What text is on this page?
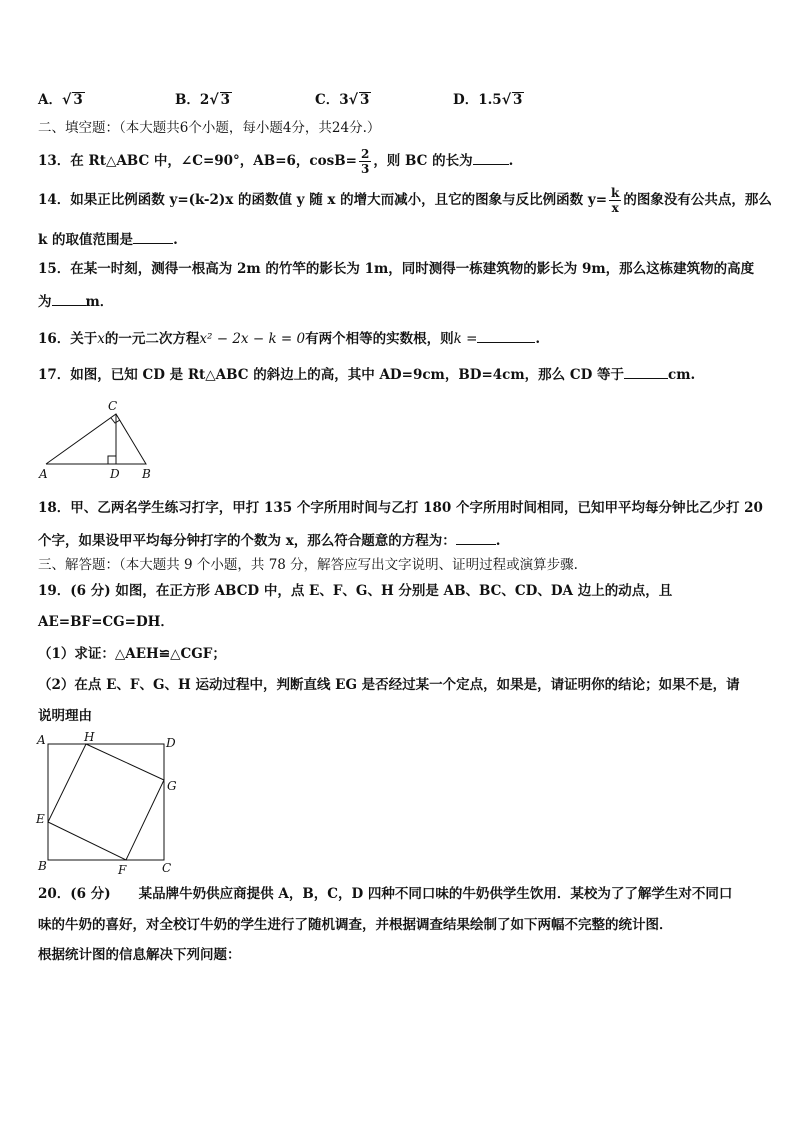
A．√ 3	B．2√ 3	C．3√ 3	D．1.5√ 3
二、填空题：（本大题共6个小题，每小题4分，共24分.）
13．在 Rt△ABC 中，∠C=90°，AB=6，$\cos B= \frac{2}{3}$ ，则 BC 的长为	.
14．如果正比例函数 y=(k-2)x 的函数值 y 随 x 的增大而减小，且它的图象与反比例函数 $y= \frac{k}{x}$ 的图象没有公共点，那么
k 的取值范围是	.
15．在某一时刻，测得一根高为 2m 的竹竿的影长为 1m，同时测得一栋建筑物的影长为 9m，那么这栋建筑物的高度
为	m．
16．关于x的一元二次方程x² − 2x − k = 0有两个相等的实数根，则k =	.
17．如图，已知 CD 是 Rt△ABC 的斜边上的高，其中 AD=9cm，BD=4cm，那么 CD 等于	cm.
C
A	D B
18．甲、乙两名学生练习打字，甲打 135 个字所用时间与乙打 180 个字所用时间相同，已知甲平均每分钟比乙少打 20
个字，如果设甲平均每分钟打字的个数为 x，那么符合题意的方程为：	.
三、解答题：（本大题共 9 个小题，共 78 分，解答应写出文字说明、证明过程或演算步骤.
19．(6 分) 如图，在正方形 ABCD 中，点 E、F、G、H 分别是 AB、BC、CD、DA 边上的动点，且
AE=BF=CG=DH．
（1）求证：△AEH≌△CGF；
（2）在点 E、F、G、H 运动过程中，判断直线 EG 是否经过某一个定点，如果是，请证明你的结论；如果不是，请
说明理由
A	H	D
G
E
B	F	C
20．(6 分) 某品牌牛奶供应商提供 A，B，C，D 四种不同口味的牛奶供学生饮用．某校为了了解学生对不同口
味的牛奶的喜好，对全校订牛奶的学生进行了随机调查，并根据调查结果绘制了如下两幅不完整的统计图．
根据统计图的信息解决下列问题：
